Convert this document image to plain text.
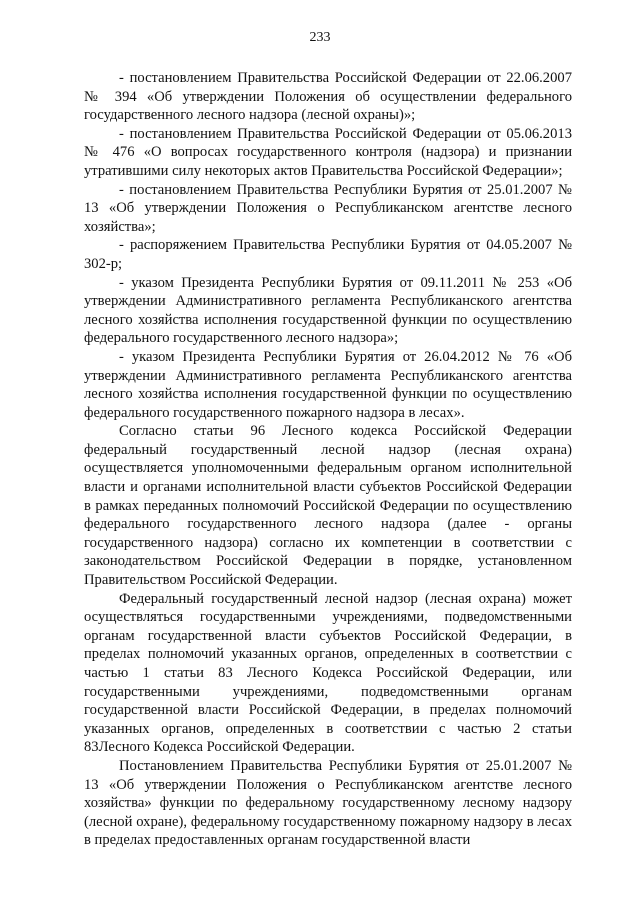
233

- постановлением Правительства Российской Федерации от 22.06.2007 № 394 «Об утверждении Положения об осуществлении федерального государственного лесного надзора (лесной охраны)»;

- постановлением Правительства Российской Федерации от 05.06.2013 № 476 «О вопросах государственного контроля (надзора) и признании утратившими силу некоторых актов Правительства Российской Федерации»;

- постановлением Правительства Республики Бурятия от 25.01.2007 № 13 «Об утверждении Положения о Республиканском агентстве лесного хозяйства»;

- распоряжением Правительства Республики Бурятия от 04.05.2007 № 302-р;

- указом Президента Республики Бурятия от 09.11.2011 № 253 «Об утверждении Административного регламента Республиканского агентства лесного хозяйства исполнения государственной функции по осуществлению федерального государственного лесного надзора»;

- указом Президента Республики Бурятия от 26.04.2012 № 76 «Об утверждении Административного регламента Республиканского агентства лесного хозяйства исполнения государственной функции по осуществлению федерального государственного пожарного надзора в лесах».

Согласно статьи 96 Лесного кодекса Российской Федерации федеральный государственный лесной надзор (лесная охрана) осуществляется уполномоченными федеральным органом исполнительной власти и органами исполнительной власти субъектов Российской Федерации в рамках переданных полномочий Российской Федерации по осуществлению федерального государственного лесного надзора (далее - органы государственного надзора) согласно их компетенции в соответствии с законодательством Российской Федерации в порядке, установленном Правительством Российской Федерации.

Федеральный государственный лесной надзор (лесная охрана) может осуществляться государственными учреждениями, подведомственными органам государственной власти субъектов Российской Федерации, в пределах полномочий указанных органов, определенных в соответствии с частью 1 статьи 83 Лесного Кодекса Российской Федерации, или государственными учреждениями, подведомственными органам государственной власти Российской Федерации, в пределах полномочий указанных органов, определенных в соответствии с частью 2 статьи 83Лесного Кодекса Российской Федерации.

Постановлением Правительства Республики Бурятия от 25.01.2007 № 13 «Об утверждении Положения о Республиканском агентстве лесного хозяйства» функции по федеральному государственному лесному надзору (лесной охране), федеральному государственному пожарному надзору в лесах в пределах предоставленных органам государственной власти
